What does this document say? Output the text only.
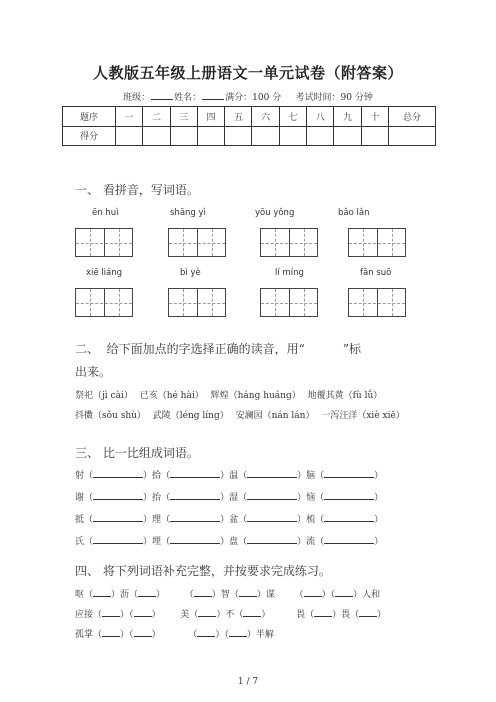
人教版五年级上册语文一单元试卷（附答案）
班级：	姓名：	满分：100 分 考试时间：90 分钟
题序	一	二	三	四	五	六	七	八	九	十	总分
得分											
一、 看拼音，写词语。
ēn huì	shāng yì	yōu yǒng	bǎo lǎn
xiē liáng	bì yè	lí míng	fān suō
二、  给下面加点的字选择正确的读音，用“          ”标
出来。
祭祀（jì cài） 已亥（hé hài） 辉煌（háng huáng） 地覆其黄（fù lǚ）
抖擞（sǒu shù） 武陵（léng líng） 安澜园（nán lán） 一泻汪洋（xiè xiē）
三、 比一比组成词语。
射（	）拾（	）温（	）脑（	）
谢（	）抬（	）湿（	）恼（	）
抵（	）理（	）盆（	）梳（	）
氏（	）埋（	）盘（	）流（	）
四、 将下列词语补充完整，并按要求完成练习。
呕（ ）沥（ ） （ ）智（ ）谋 （ ）（ ）人和
应接（ ）（ ） 美（ ）不（ ）	畏（ ）畏（ ）
孤掌（ ）（ ）	（ ）（ ）半解
1 / 7
